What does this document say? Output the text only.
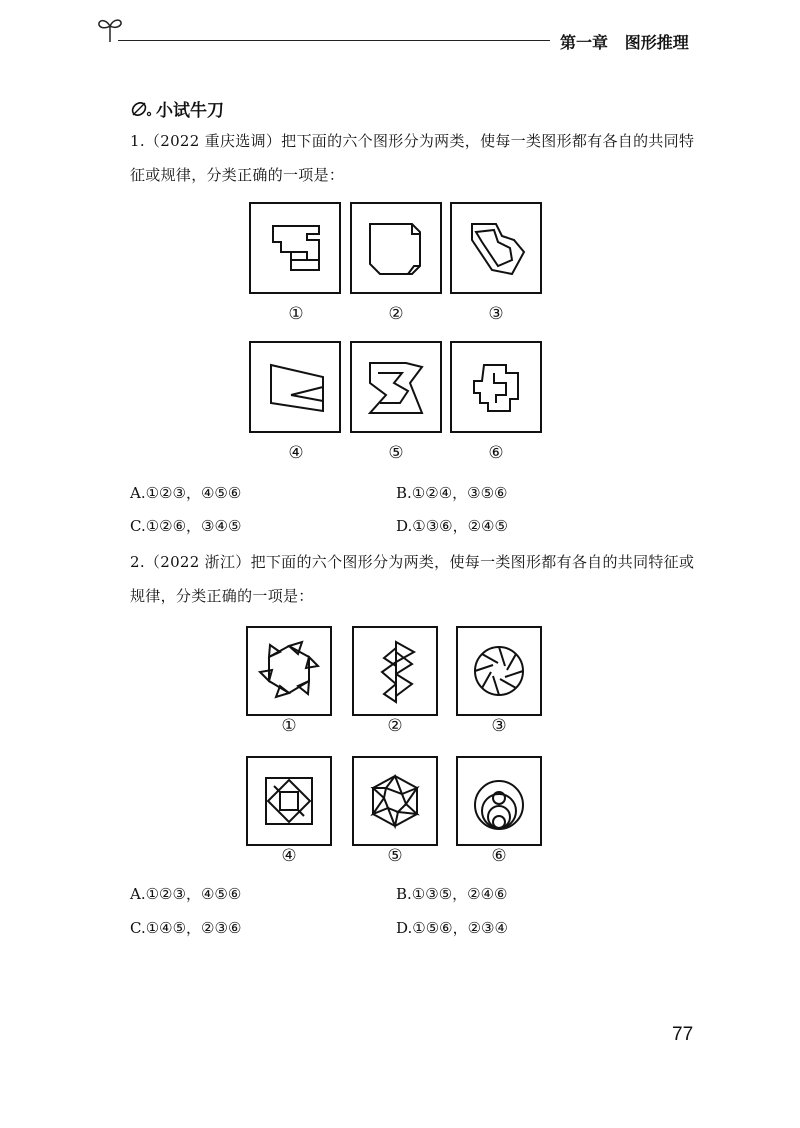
第一章 图形推理
小试牛刀
1.（2022 重庆选调）把下面的六个图形分为两类，使每一类图形都有各自的共同特征或规律，分类正确的一项是：
①	②	③
④	⑤	⑥
A.①②③，④⑤⑥	B.①②④，③⑤⑥
C.①②⑥，③④⑤	D.①③⑥，②④⑤
2.（2022 浙江）把下面的六个图形分为两类，使每一类图形都有各自的共同特征或规律，分类正确的一项是：
①	②	③
④	⑤	⑥
A.①②③，④⑤⑥	B.①③⑤，②④⑥
C.①④⑤，②③⑥	D.①⑤⑥，②③④
77
